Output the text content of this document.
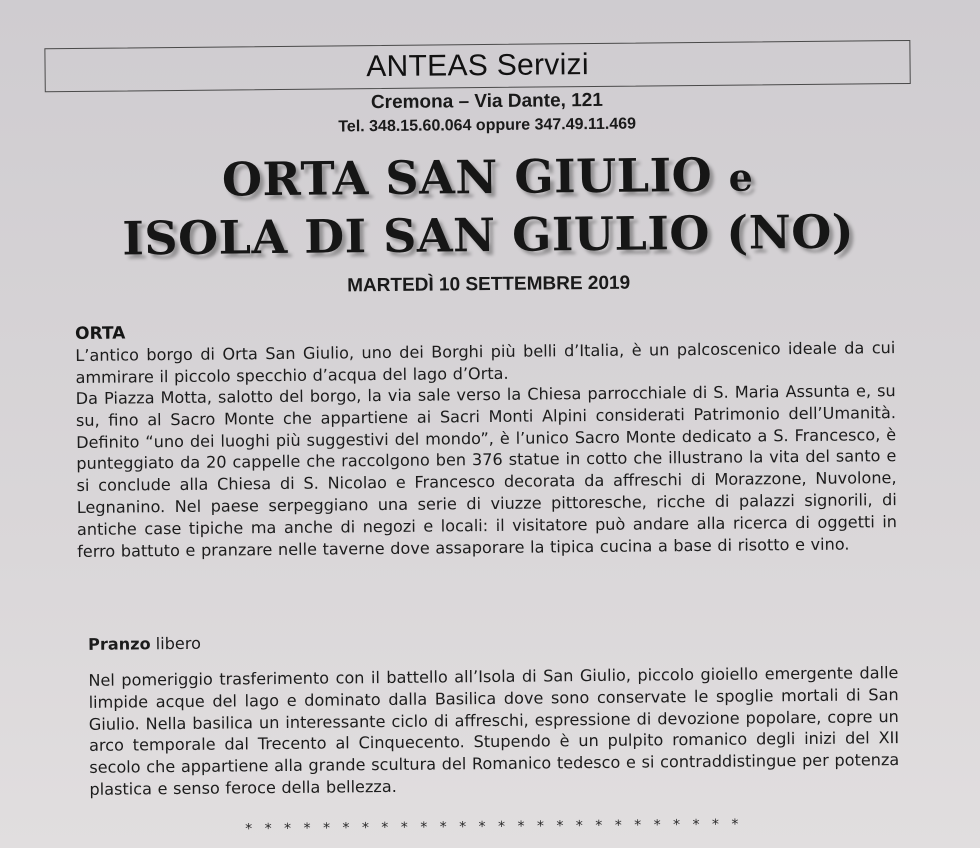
ANTEAS Servizi
Cremona – Via Dante, 121
Tel. 348.15.60.064 oppure 347.49.11.469
ORTA SAN GIULIO e
ISOLA DI SAN GIULIO (NO)
MARTEDÌ 10 SETTEMBRE 2019
ORTA
L’antico borgo di Orta San Giulio, uno dei Borghi più belli d’Italia, è un palcoscenico ideale da cui ammirare il piccolo specchio d’acqua del lago d’Orta.
Da Piazza Motta, salotto del borgo, la via sale verso la Chiesa parrocchiale di S. Maria Assunta e, su su, fino al Sacro Monte che appartiene ai Sacri Monti Alpini considerati Patrimonio dell’Umanità. Definito “uno dei luoghi più suggestivi del mondo”, è l’unico Sacro Monte dedicato a S. Francesco, è punteggiato da 20 cappelle che raccolgono ben 376 statue in cotto che illustrano la vita del santo e si conclude alla Chiesa di S. Nicolao e Francesco decorata da affreschi di Morazzone, Nuvolone, Legnanino. Nel paese serpeggiano una serie di viuzze pittoresche, ricche di palazzi signorili, di antiche case tipiche ma anche di negozi e locali: il visitatore può andare alla ricerca di oggetti in ferro battuto e pranzare nelle taverne dove assaporare la tipica cucina a base di risotto e vino.
Pranzo libero
Nel pomeriggio trasferimento con il battello all’Isola di San Giulio, piccolo gioiello emergente dalle limpide acque del lago e dominato dalla Basilica dove sono conservate le spoglie mortali di San Giulio. Nella basilica un interessante ciclo di affreschi, espressione di devozione popolare, copre un arco temporale dal Trecento al Cinquecento. Stupendo è un pulpito romanico degli inizi del XII secolo che appartiene alla grande scultura del Romanico tedesco e si contraddistingue per potenza plastica e senso feroce della bellezza.
* * * * * * * * * * * * * * * * * * * * * * * * * *
